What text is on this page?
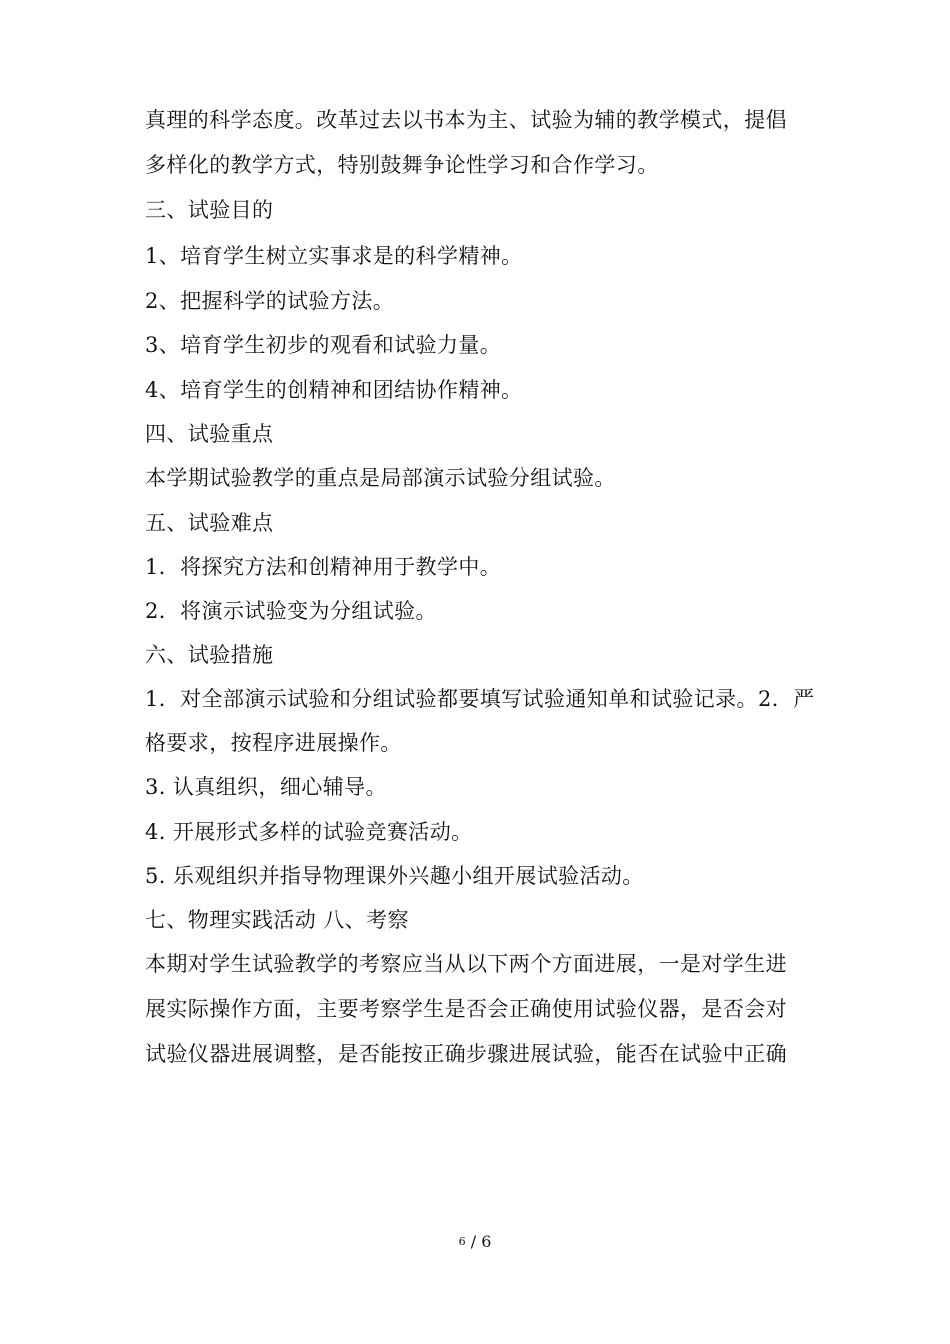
真理的科学态度。改革过去以书本为主、试验为辅的教学模式，提倡
多样化的教学方式，特别鼓舞争论性学习和合作学习。
三、试验目的
1、培育学生树立实事求是的科学精神。
2、把握科学的试验方法。
3、培育学生初步的观看和试验力量。
4、培育学生的创精神和团结协作精神。
四、试验重点
本学期试验教学的重点是局部演示试验分组试验。
五、试验难点
1．将探究方法和创精神用于教学中。
2．将演示试验变为分组试验。
六、试验措施
1．对全部演示试验和分组试验都要填写试验通知单和试验记录。2．严
格要求，按程序进展操作。
3. 认真组织，细心辅导。
4. 开展形式多样的试验竞赛活动。
5. 乐观组织并指导物理课外兴趣小组开展试验活动。
七、物理实践活动 八、考察
本期对学生试验教学的考察应当从以下两个方面进展，一是对学生进
展实际操作方面，主要考察学生是否会正确使用试验仪器，是否会对
试验仪器进展调整，是否能按正确步骤进展试验，能否在试验中正确
6 / 6
